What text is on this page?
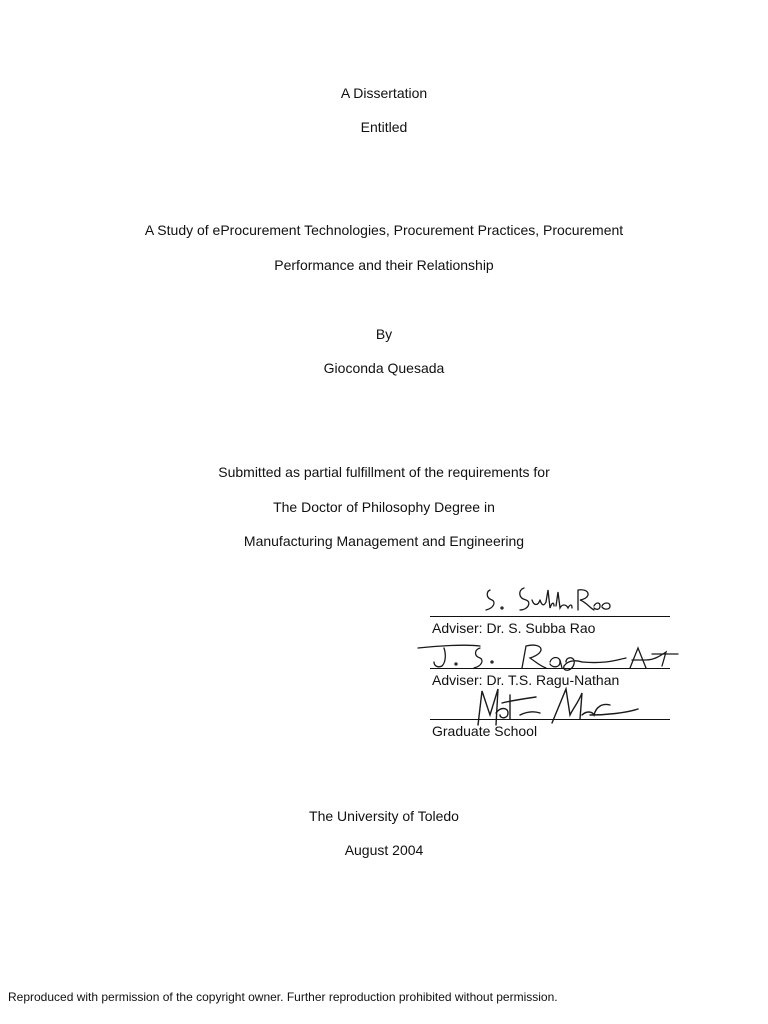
A Dissertation
Entitled
A Study of eProcurement Technologies, Procurement Practices, Procurement
Performance and their Relationship
By
Gioconda Quesada
Submitted as partial fulfillment of the requirements for
The Doctor of Philosophy Degree in
Manufacturing Management and Engineering
Adviser: Dr. S. Subba Rao
Adviser: Dr. T.S. Ragu-Nathan
Graduate School
The University of Toledo
August 2004
Reproduced with permission of the copyright owner. Further reproduction prohibited without permission.
